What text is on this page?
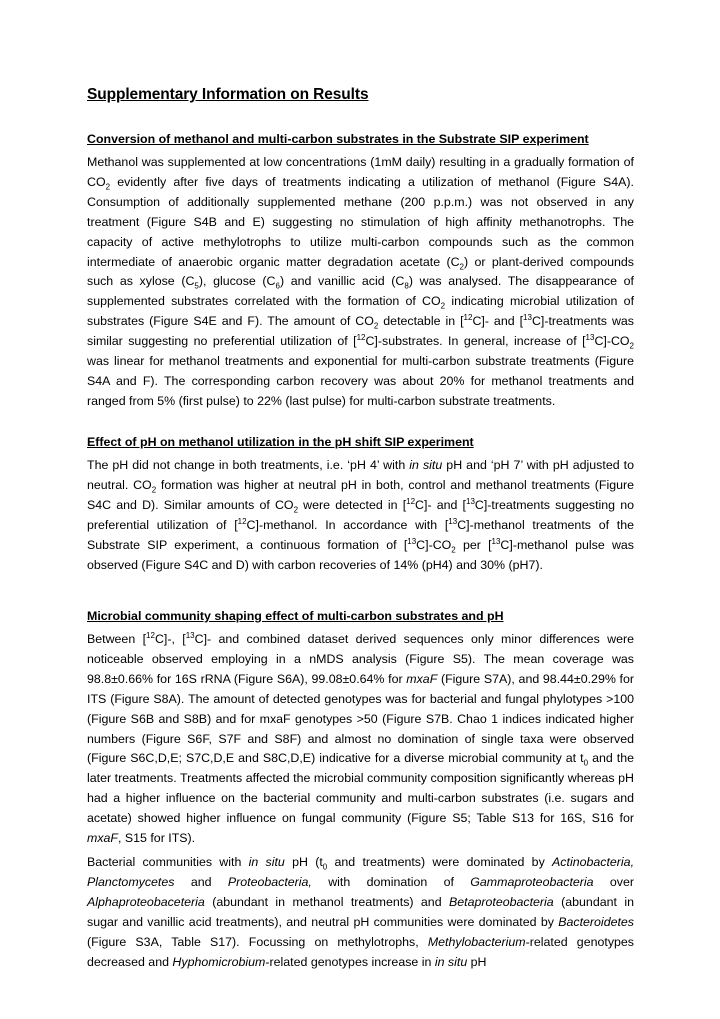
Supplementary Information on Results
Conversion of methanol and multi-carbon substrates in the Substrate SIP experiment

Methanol was supplemented at low concentrations (1mM daily) resulting in a gradually formation of $CO_2$ evidently after five days of treatments indicating a utilization of methanol (Figure S4A). Consumption of additionally supplemented methane (200 p.p.m.) was not observed in any treatment (Figure S4B and E) suggesting no stimulation of high affinity methanotrophs. The capacity of active methylotrophs to utilize multi-carbon compounds such as the common intermediate of anaerobic organic matter degradation acetate $(C_2)$ or plant-derived compounds such as xylose $(C_5)$, glucose $(C_6)$ and vanillic acid $(C_8)$ was analysed. The disappearance of supplemented substrates correlated with the formation of $CO_2$ indicating microbial utilization of substrates (Figure S4E and F). The amount of $CO_2$ detectable in [$^{12}$C]- and [$^{13}$C]-treatments was similar suggesting no preferential utilization of [$^{12}$C]-substrates. In general, increase of $[^{13}C]-CO_2$ was linear for methanol treatments and exponential for multi-carbon substrate treatments (Figure S4A and F). The corresponding carbon recovery was about 20% for methanol treatments and ranged from 5% (first pulse) to 22% (last pulse) for multi-carbon substrate treatments.

Effect of pH on methanol utilization in the pH shift SIP experiment

The pH did not change in both treatments, i.e. ‘pH 4’ with in situ pH and ‘pH 7’ with pH adjusted to neutral. $CO_2$ formation was higher at neutral pH in both, control and methanol treatments (Figure S4C and D). Similar amounts of $CO_2$ were detected in [$^{12}$C]- and [$^{13}$C]-treatments suggesting no preferential utilization of [$^{12}$C]-methanol. In accordance with [$^{13}$C]-methanol treatments of the Substrate SIP experiment, a continuous formation of $[^{13}C]-CO_2$ per [$^{13}$C]-methanol pulse was observed (Figure S4C and D) with carbon recoveries of 14% (pH4) and 30% (pH7).

Microbial community shaping effect of multi-carbon substrates and pH

Between [$^{12}$C]-, [$^{13}$C]- and combined dataset derived sequences only minor differences were noticeable observed employing in a nMDS analysis (Figure S5). The mean coverage was 98.8±0.66% for 16S rRNA (Figure S6A), 99.08±0.64% for mxaF (Figure S7A), and 98.44±0.29% for ITS (Figure S8A). The amount of detected genotypes was for bacterial and fungal phylotypes >100 (Figure S6B and S8B) and for mxaF genotypes >50 (Figure S7B. Chao 1 indices indicated higher numbers (Figure S6F, S7F and S8F) and almost no domination of single taxa were observed (Figure S6C,D,E; S7C,D,E and S8C,D,E) indicative for a diverse microbial community at $t_0$ and the later treatments. Treatments affected the microbial community composition significantly whereas pH had a higher influence on the bacterial community and multi-carbon substrates (i.e. sugars and acetate) showed higher influence on fungal community (Figure S5; Table S13 for 16S, S16 for mxaF, S15 for ITS).

Bacterial communities with in situ pH ($t_0$ and treatments) were dominated by Actinobacteria, Planctomycetes and Proteobacteria, with domination of Gammaproteobacteria over Alphaproteobaceteria (abundant in methanol treatments) and Betaproteobacteria (abundant in sugar and vanillic acid treatments), and neutral pH communities were dominated by Bacteroidetes (Figure S3A, Table S17). Focussing on methylotrophs, Methylobacterium-related genotypes decreased and Hyphomicrobium-related genotypes increase in in situ pH
